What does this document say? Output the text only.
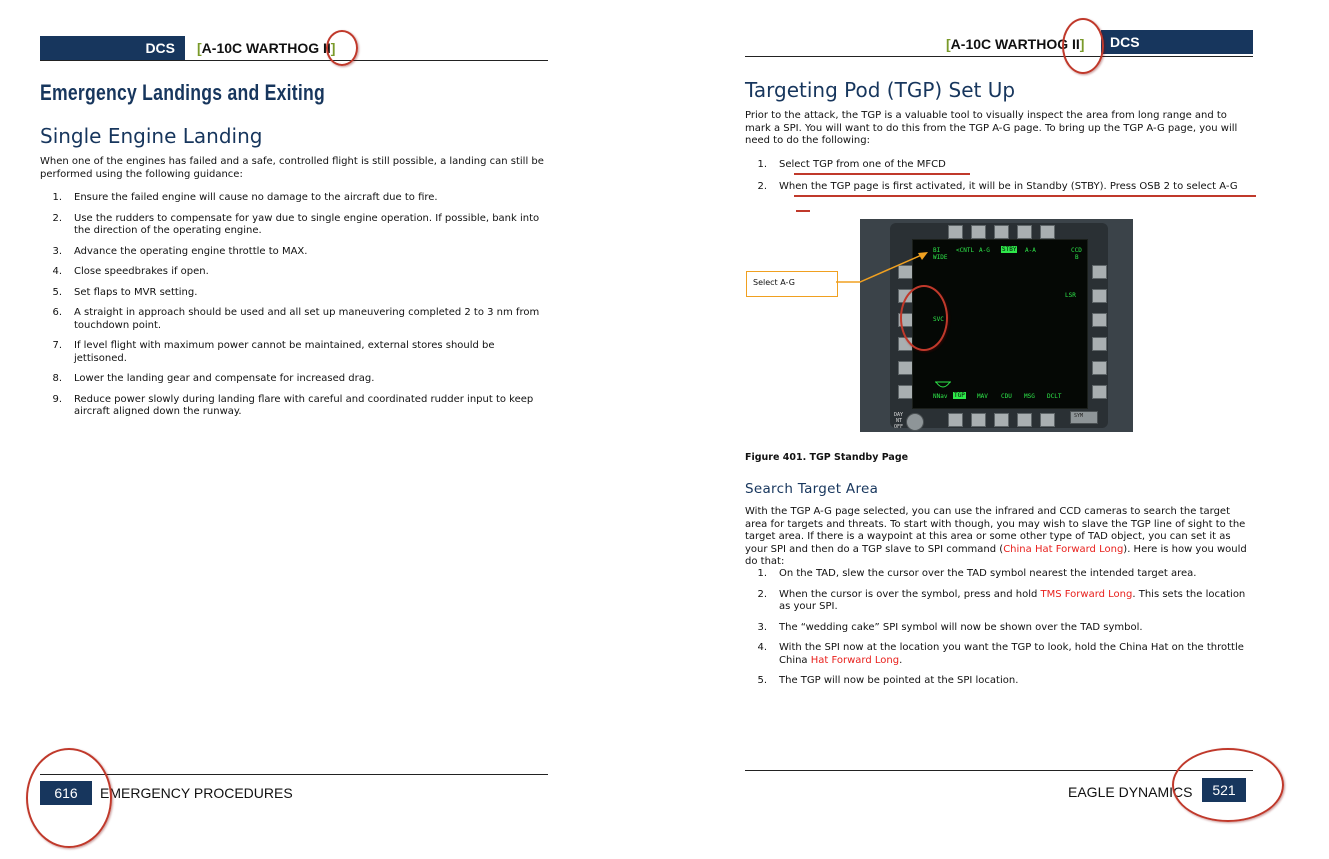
DCS [A-10C WARTHOG II]
Emergency Landings and Exiting
Single Engine Landing
When one of the engines has failed and a safe, controlled flight is still possible, a landing can still be performed using the following guidance:
1. Ensure the failed engine will cause no damage to the aircraft due to fire.
2. Use the rudders to compensate for yaw due to single engine operation. If possible, bank into the direction of the operating engine.
3. Advance the operating engine throttle to MAX.
4. Close speedbrakes if open.
5. Set flaps to MVR setting.
6. A straight in approach should be used and all set up maneuvering completed 2 to 3 nm from touchdown point.
7. If level flight with maximum power cannot be maintained, external stores should be jettisoned.
8. Lower the landing gear and compensate for increased drag.
9. Reduce power slowly during landing flare with careful and coordinated rudder input to keep aircraft aligned down the runway.
616	EMERGENCY PROCEDURES
[A-10C WARTHOG II] DCS
Targeting Pod (TGP) Set Up
Prior to the attack, the TGP is a valuable tool to visually inspect the area from long range and to mark a SPI. You will want to do this from the TGP A-G page. To bring up the TGP A-G page, you will need to do the following:
1. Select TGP from one of the MFCD
2. When the TGP page is first activated, it will be in Standby (STBY). Press OSB 2 to select A-G
DAY
NT
OFF
SYM
BI
WIDE
<CNTL A-G STBY A-A	CCD
B
LSR
SVC
NNav TGP MAV CDU MSG DCLT
Select A-G
Figure 401. TGP Standby Page
Search Target Area
With the TGP A-G page selected, you can use the infrared and CCD cameras to search the target area for targets and threats. To start with though, you may wish to slave the TGP line of sight to the target area. If there is a waypoint at this area or some other type of TAD object, you can set it as your SPI and then do a TGP slave to SPI command (China Hat Forward Long). Here is how you would do that:
1. On the TAD, slew the cursor over the TAD symbol nearest the intended target area.
2. When the cursor is over the symbol, press and hold TMS Forward Long. This sets the location as your SPI.
3. The “wedding cake” SPI symbol will now be shown over the TAD symbol.
4. With the SPI now at the location you want the TGP to look, hold the China Hat on the throttle China Hat Forward Long.
5. The TGP will now be pointed at the SPI location.
EAGLE DYNAMICS	521
